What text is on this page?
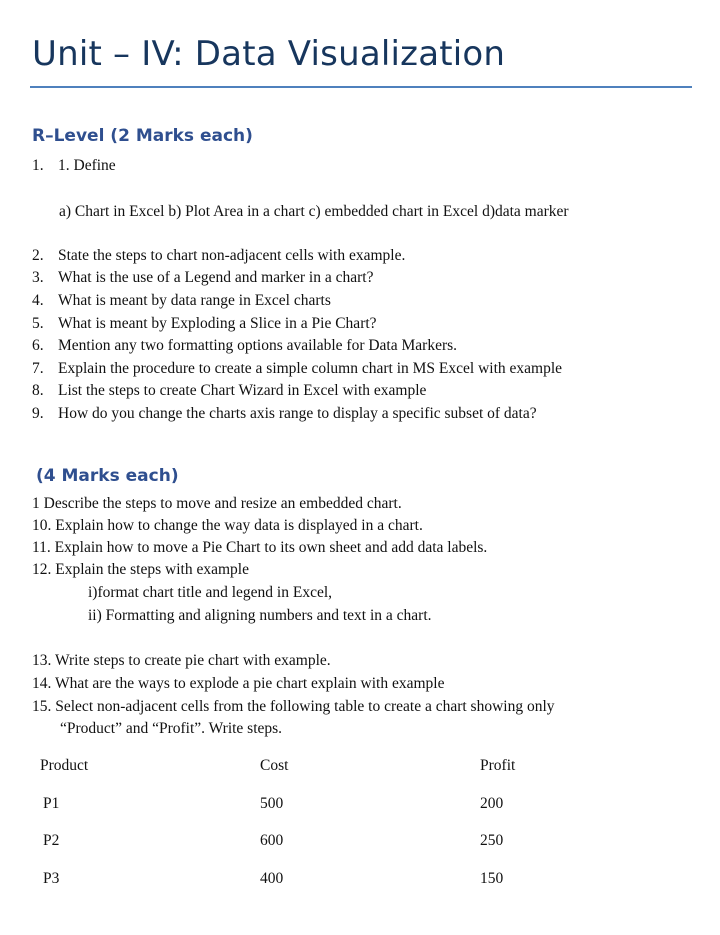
Unit – IV: Data Visualization
R–Level (2 Marks each)
1. 1. Define
a) Chart in Excel b) Plot Area in a chart c) embedded chart in Excel d)data marker
2. State the steps to chart non-adjacent cells with example.
3. What is the use of a Legend and marker in a chart?
4. What is meant by data range in Excel charts
5. What is meant by Exploding a Slice in a Pie Chart?
6. Mention any two formatting options available for Data Markers.
7. Explain the procedure to create a simple column chart in MS Excel with example
8. List the steps to create Chart Wizard in Excel with example
9. How do you change the charts axis range to display a specific subset of data?
(4 Marks each)
1 Describe the steps to move and resize an embedded chart.
10. Explain how to change the way data is displayed in a chart.
11. Explain how to move a Pie Chart to its own sheet and add data labels.
12. Explain the steps with example
i)format chart title and legend in Excel,
ii) Formatting and aligning numbers and text in a chart.
13. Write steps to create pie chart with example.
14. What are the ways to explode a pie chart explain with example
15. Select non-adjacent cells from the following table to create a chart showing only
“Product” and “Profit”. Write steps.
Product	Cost	Profit
P1	500	200
P2	600	250
P3	400	150
